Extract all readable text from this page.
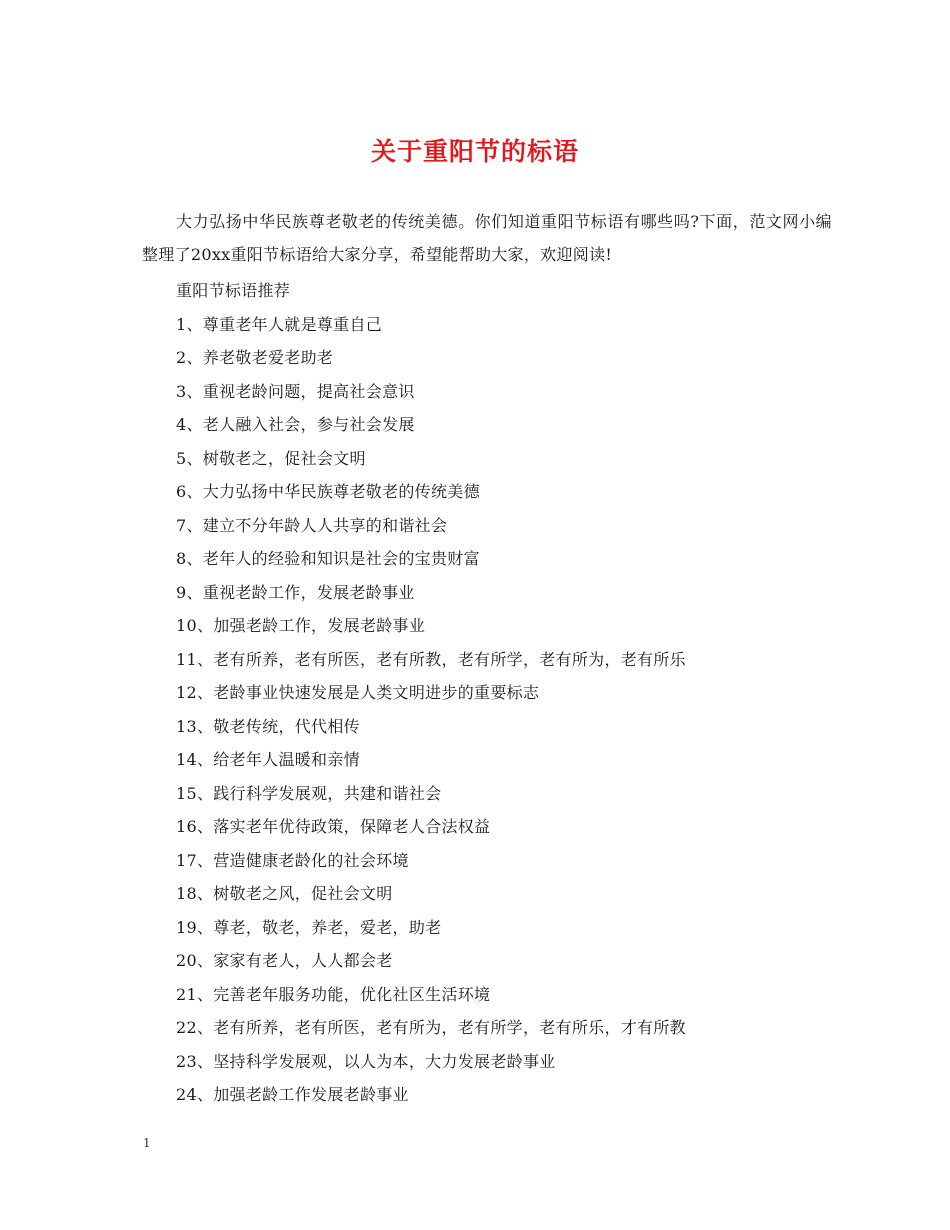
关于重阳节的标语
大力弘扬中华民族尊老敬老的传统美德。你们知道重阳节标语有哪些吗?下面，范文网小编整理了20xx重阳节标语给大家分享，希望能帮助大家，欢迎阅读!
重阳节标语推荐
1、尊重老年人就是尊重自己
2、养老敬老爱老助老
3、重视老龄问题，提高社会意识
4、老人融入社会，参与社会发展
5、树敬老之，促社会文明
6、大力弘扬中华民族尊老敬老的传统美德
7、建立不分年龄人人共享的和谐社会
8、老年人的经验和知识是社会的宝贵财富
9、重视老龄工作，发展老龄事业
10、加强老龄工作，发展老龄事业
11、老有所养，老有所医，老有所教，老有所学，老有所为，老有所乐
12、老龄事业快速发展是人类文明进步的重要标志
13、敬老传统，代代相传
14、给老年人温暖和亲情
15、践行科学发展观，共建和谐社会
16、落实老年优待政策，保障老人合法权益
17、营造健康老龄化的社会环境
18、树敬老之风，促社会文明
19、尊老，敬老，养老，爱老，助老
20、家家有老人，人人都会老
21、完善老年服务功能，优化社区生活环境
22、老有所养，老有所医，老有所为，老有所学，老有所乐，才有所教
23、坚持科学发展观，以人为本，大力发展老龄事业
24、加强老龄工作发展老龄事业
1
